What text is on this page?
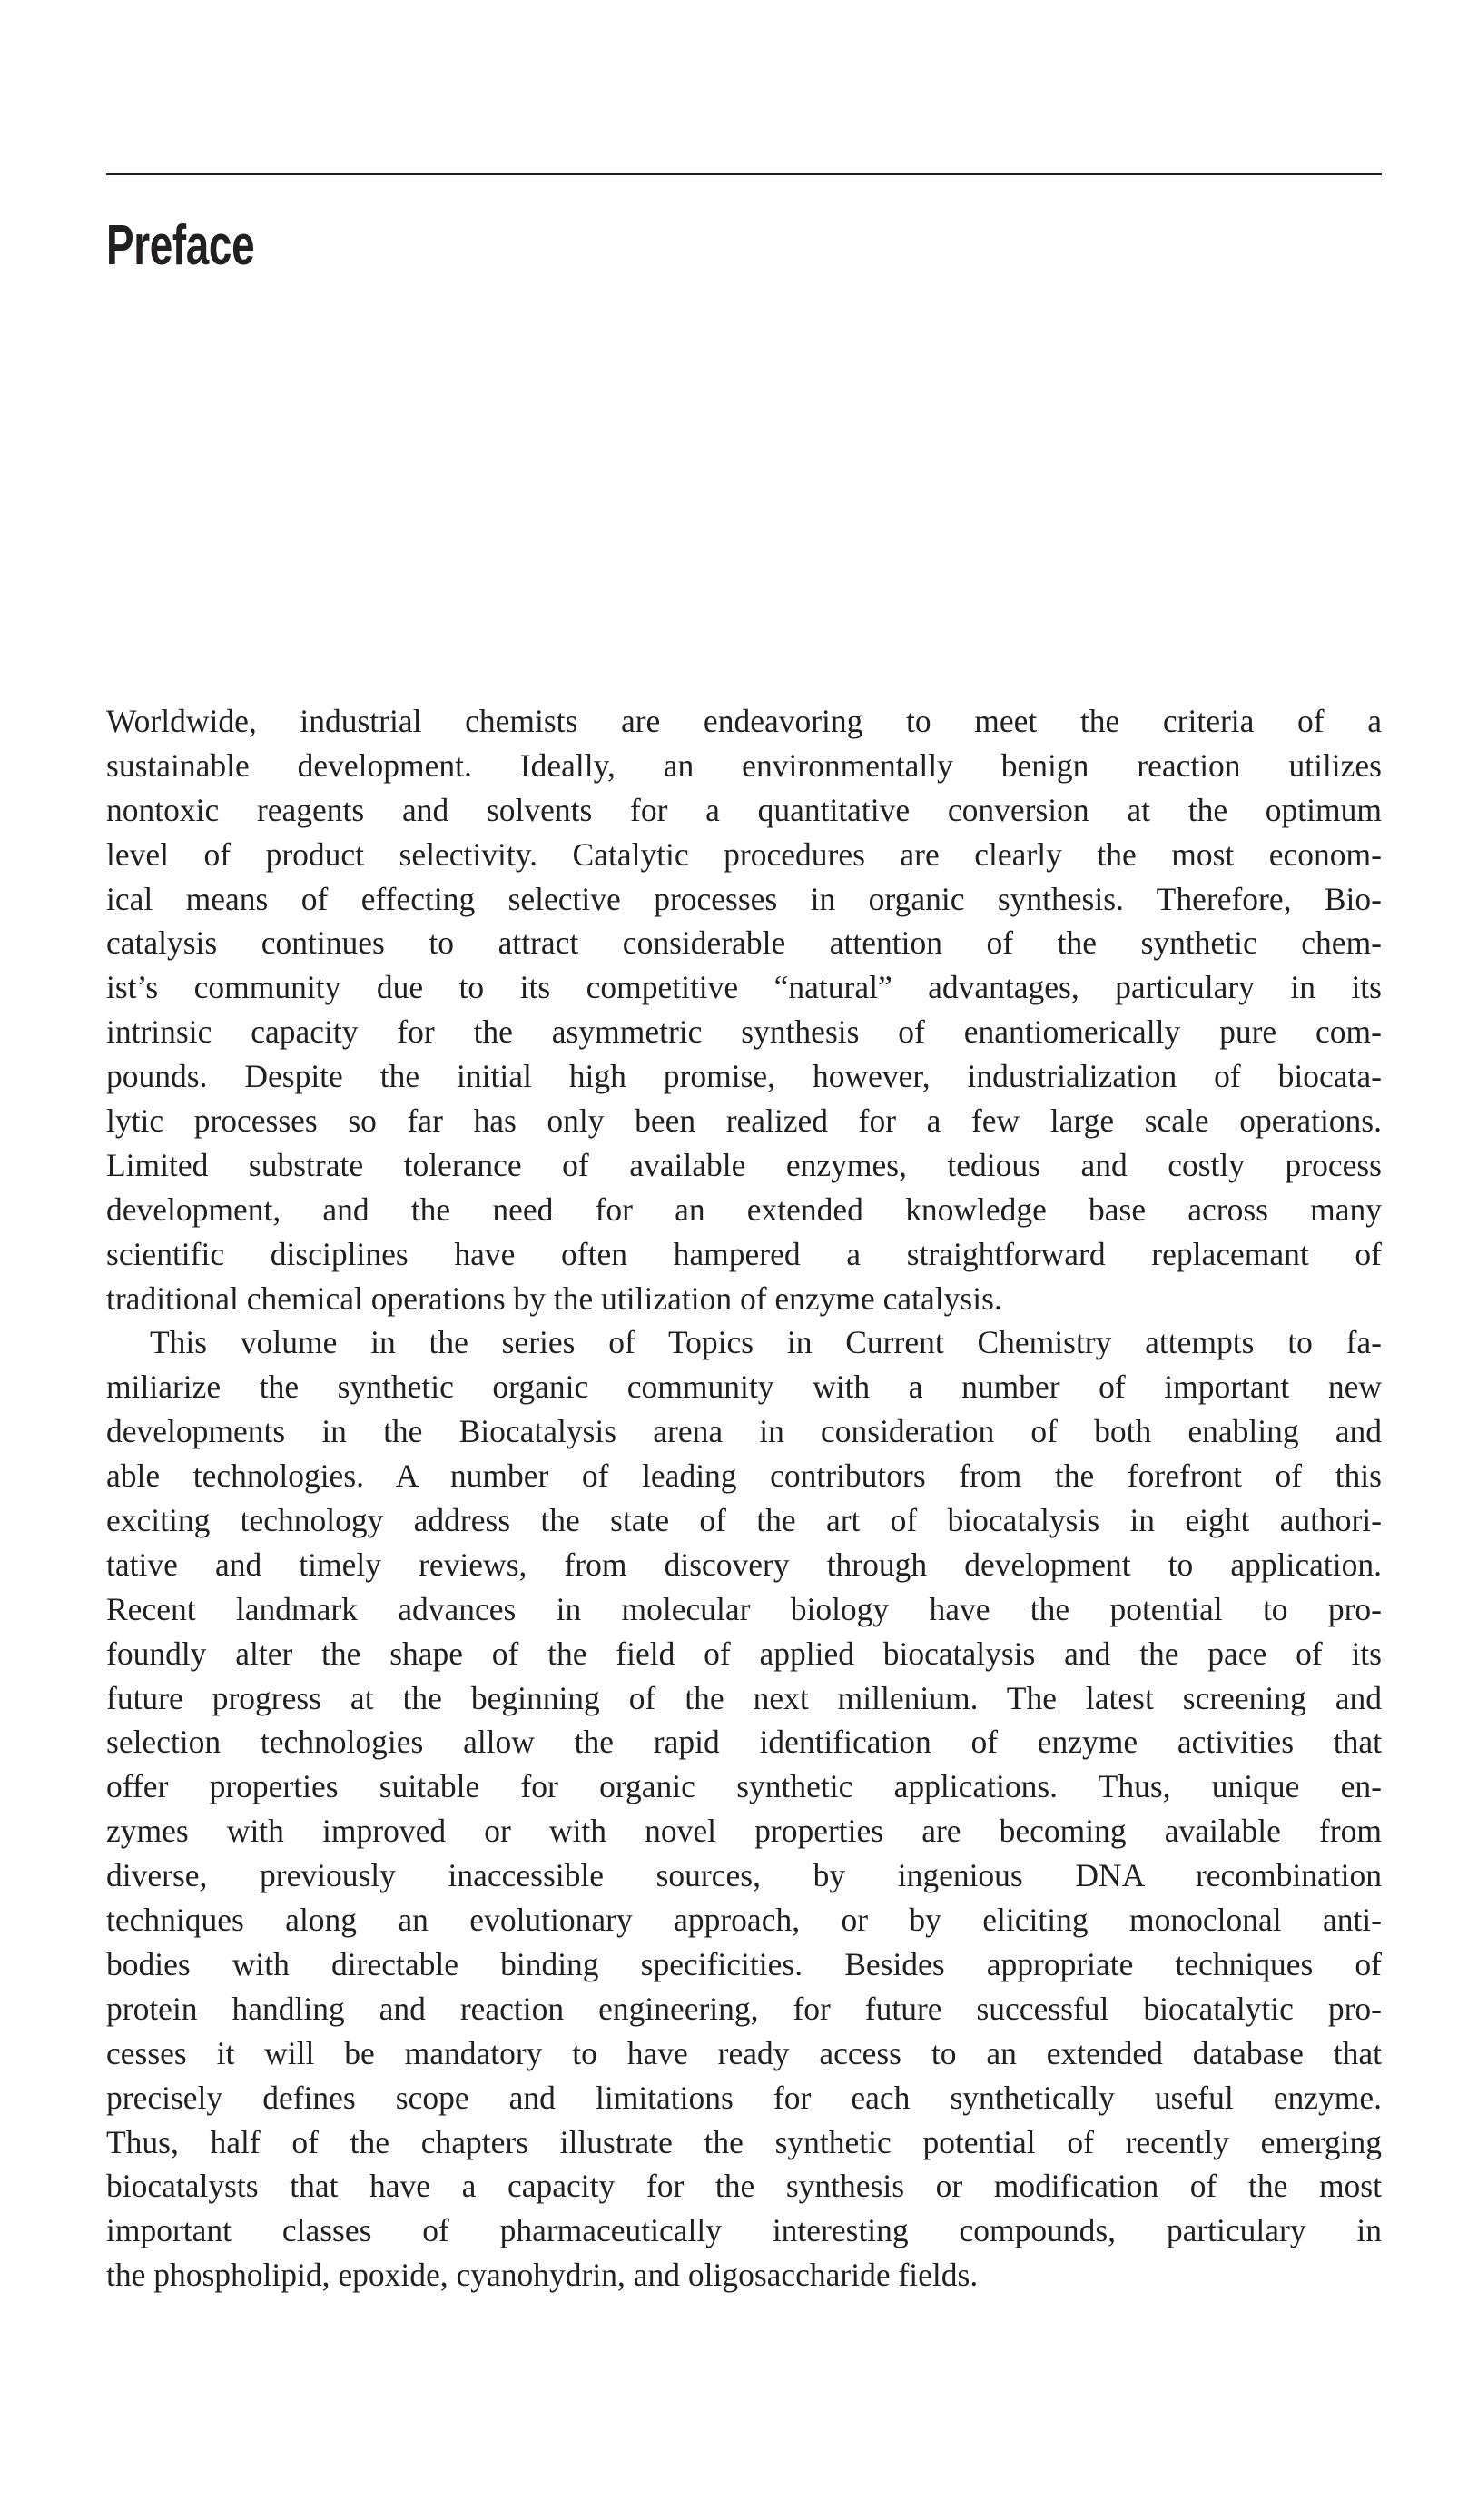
Preface
Worldwide, industrial chemists are endeavoring to meet the criteria of a
sustainable development. Ideally, an environmentally benign reaction utilizes
nontoxic reagents and solvents for a quantitative conversion at the optimum
level of product selectivity. Catalytic procedures are clearly the most econom-
ical means of effecting selective processes in organic synthesis. Therefore, Bio-
catalysis continues to attract considerable attention of the synthetic chem-
ist’s community due to its competitive “natural” advantages, particulary in its
intrinsic capacity for the asymmetric synthesis of enantiomerically pure com-
pounds. Despite the initial high promise, however, industrialization of biocata-
lytic processes so far has only been realized for a few large scale operations.
Limited substrate tolerance of available enzymes, tedious and costly process
development, and the need for an extended knowledge base across many
scientific disciplines have often hampered a straightforward replacemant of
traditional chemical operations by the utilization of enzyme catalysis.
This volume in the series of Topics in Current Chemistry attempts to fa-
miliarize the synthetic organic community with a number of important new
developments in the Biocatalysis arena in consideration of both enabling and
able technologies. A number of leading contributors from the forefront of this
exciting technology address the state of the art of biocatalysis in eight authori-
tative and timely reviews, from discovery through development to application.
Recent landmark advances in molecular biology have the potential to pro-
foundly alter the shape of the field of applied biocatalysis and the pace of its
future progress at the beginning of the next millenium. The latest screening and
selection technologies allow the rapid identification of enzyme activities that
offer properties suitable for organic synthetic applications. Thus, unique en-
zymes with improved or with novel properties are becoming available from
diverse, previously inaccessible sources, by ingenious DNA recombination
techniques along an evolutionary approach, or by eliciting monoclonal anti-
bodies with directable binding specificities. Besides appropriate techniques of
protein handling and reaction engineering, for future successful biocatalytic pro-
cesses it will be mandatory to have ready access to an extended database that
precisely defines scope and limitations for each synthetically useful enzyme.
Thus, half of the chapters illustrate the synthetic potential of recently emerging
biocatalysts that have a capacity for the synthesis or modification of the most
important classes of pharmaceutically interesting compounds, particulary in
the phospholipid, epoxide, cyanohydrin, and oligosaccharide fields.
